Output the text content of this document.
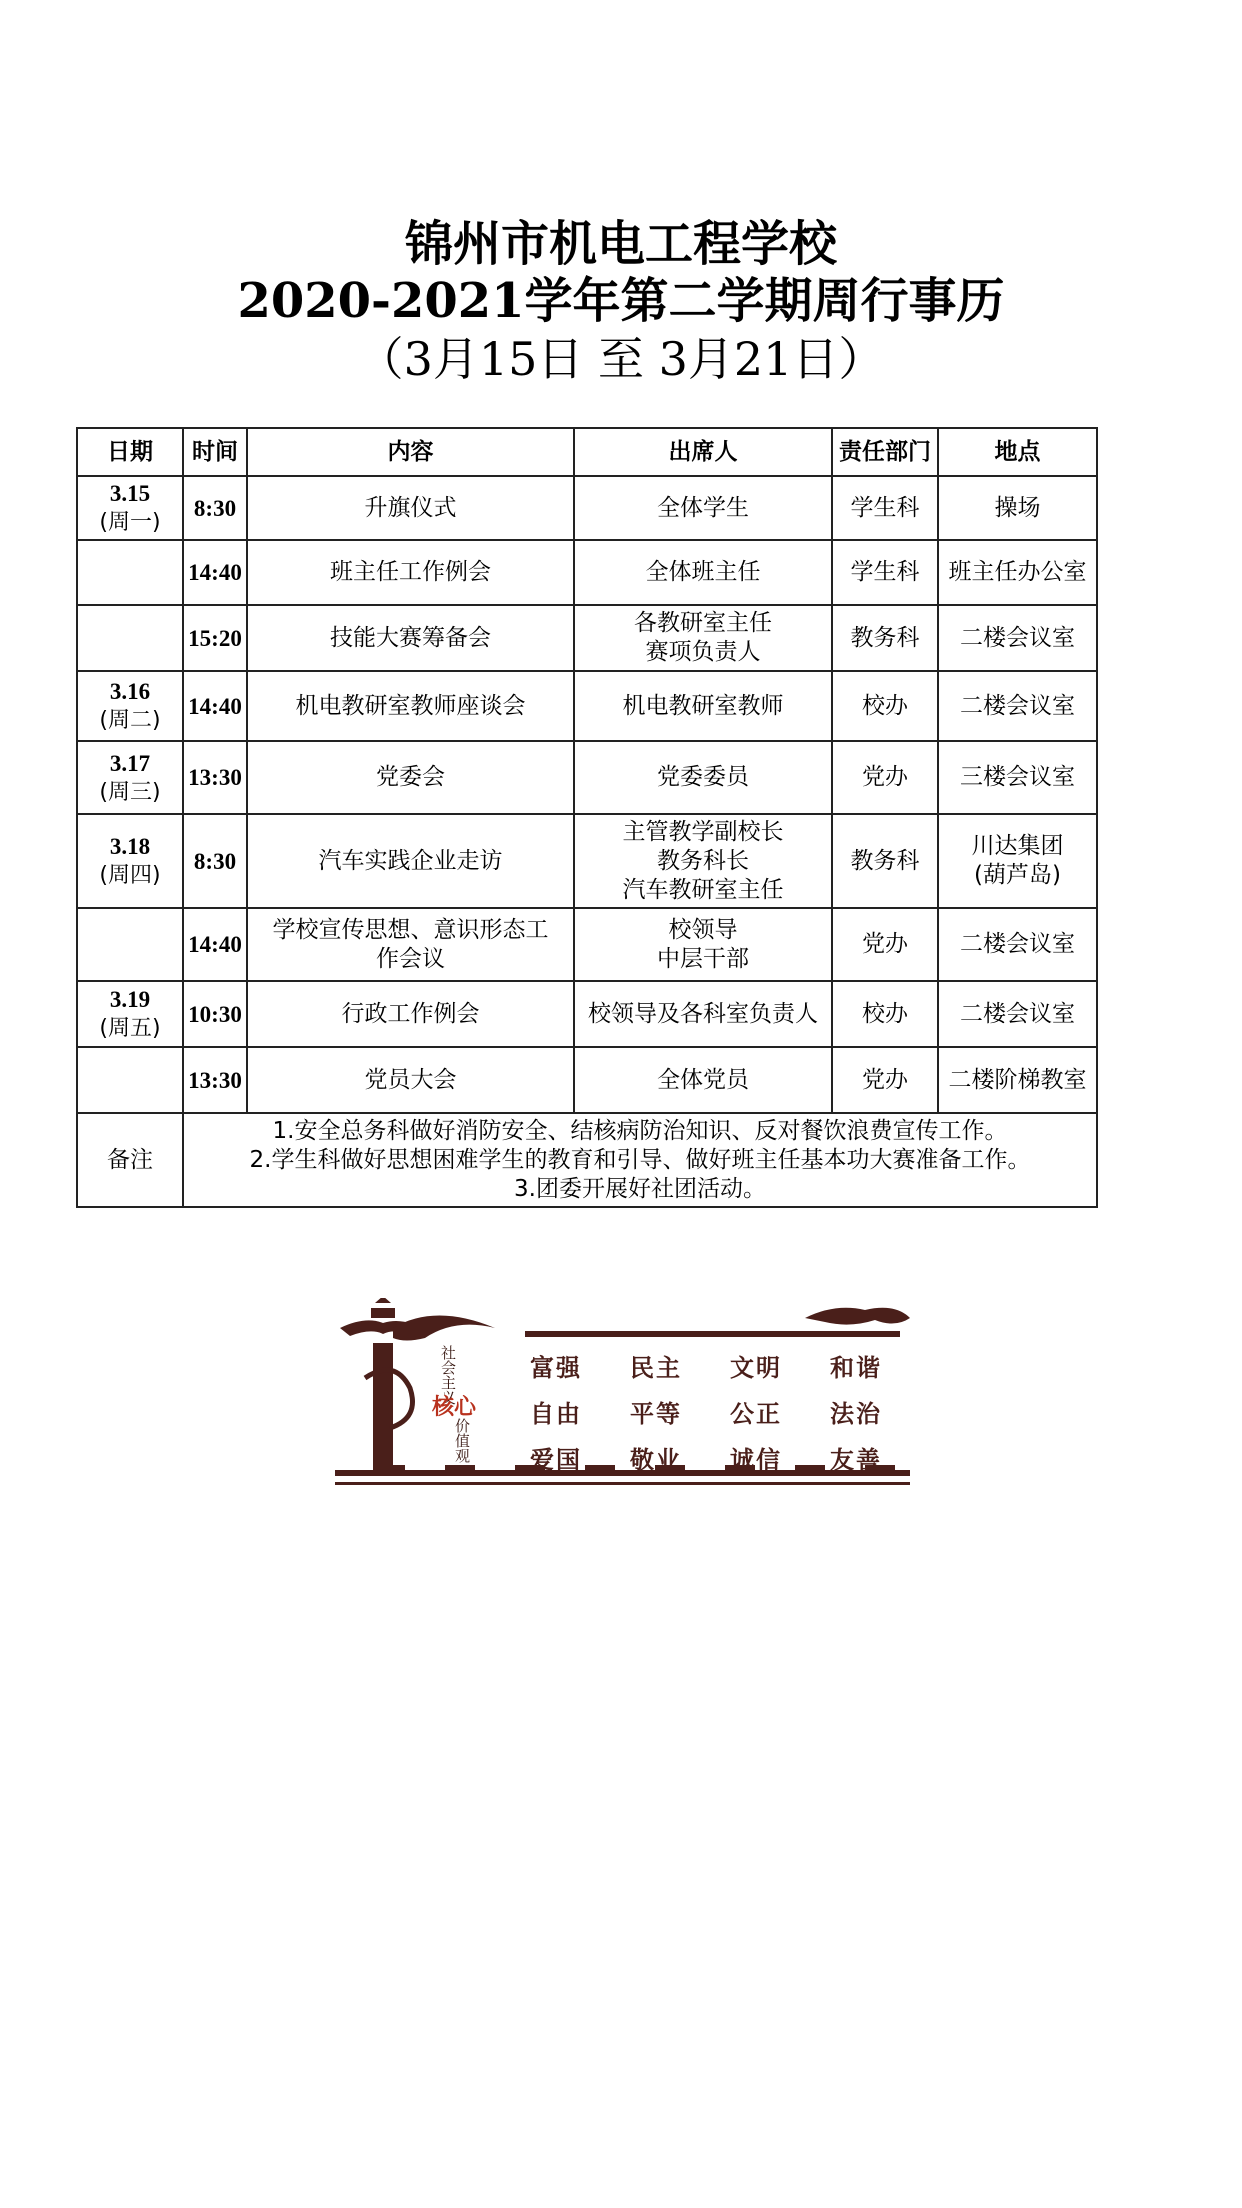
锦州市机电工程学校
2020-2021学年第二学期周行事历
（3月15日 至 3月21日）
日期	时间	内容	出席人	责任部门	地点

3.15
(周一)	8:30	升旗仪式	全体学生	学生科	操场

	14:40	班主任工作例会	全体班主任	学生科	班主任办公室

	15:20	技能大赛筹备会	各教研室主任
赛项负责人	教务科	二楼会议室

3.16
(周二)	14:40	机电教研室教师座谈会	机电教研室教师	校办	二楼会议室

3.17
(周三)	13:30	党委会	党委委员	党办	三楼会议室

3.18
(周四)	8:30	汽车实践企业走访	主管教学副校长
教务科长
汽车教研室主任	教务科	川达集团
(葫芦岛)

	14:40	学校宣传思想、意识形态工
作会议	校领导
中层干部	党办	二楼会议室

3.19
(周五)	10:30	行政工作例会	校领导及各科室负责人	校办	二楼会议室

	13:30	党员大会	全体党员	党办	二楼阶梯教室

备注	1.安全总务科做好消防安全、结核病防治知识、反对餐饮浪费宣传工作。
2.学生科做好思想困难学生的教育和引导、做好班主任基本功大赛准备工作。
3.团委开展好社团活动。				
社会主义
核心
价值观
富强	民主	文明	和谐
自由	平等	公正	法治
爱国	敬业	诚信	友善
